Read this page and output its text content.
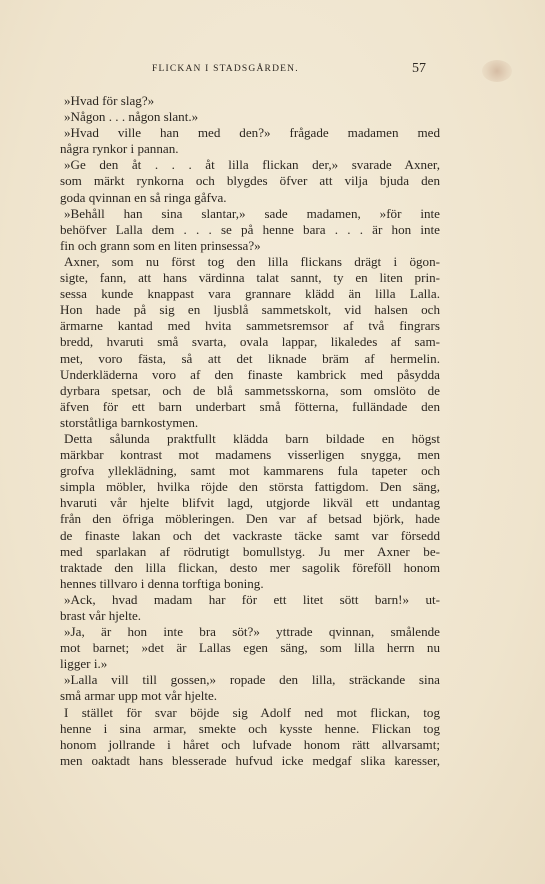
FLICKAN I STADSGÅRDEN.	57
»Hvad för slag?»
»Någon . . . någon slant.»
»Hvad ville han med den?» frågade madamen med
några rynkor i pannan.
»Ge den åt . . . åt lilla flickan der,» svarade Axner,
som märkt rynkorna och blygdes öfver att vilja bjuda den
goda qvinnan en så ringa gåfva.
»Behåll han sina slantar,» sade madamen, »för inte
behöfver Lalla dem . . . se på henne bara . . . är hon inte
fin och grann som en liten prinsessa?»
Axner, som nu först tog den lilla flickans drägt i ögon-
sigte, fann, att hans värdinna talat sannt, ty en liten prin-
sessa kunde knappast vara grannare klädd än lilla Lalla.
Hon hade på sig en ljusblå sammetskolt, vid halsen och
ärmarne kantad med hvita sammetsremsor af två fingrars
bredd, hvaruti små svarta, ovala lappar, likaledes af sam-
met, voro fästa, så att det liknade bräm af hermelin.
Underkläderna voro af den finaste kambrick med påsydda
dyrbara spetsar, och de blå sammetsskorna, som omslöto de
äfven för ett barn underbart små fötterna, fulländade den
storståtliga barnkostymen.
Detta sålunda praktfullt klädda barn bildade en högst
märkbar kontrast mot madamens visserligen snygga, men
grofva ylleklädning, samt mot kammarens fula tapeter och
simpla möbler, hvilka röjde den största fattigdom. Den säng,
hvaruti vår hjelte blifvit lagd, utgjorde likväl ett undantag
från den öfriga möbleringen. Den var af betsad björk, hade
de finaste lakan och det vackraste täcke samt var försedd
med sparlakan af rödrutigt bomullstyg. Ju mer Axner be-
traktade den lilla flickan, desto mer sagolik föreföll honom
hennes tillvaro i denna torftiga boning.
»Ack, hvad madam har för ett litet sött barn!» ut-
brast vår hjelte.
»Ja, är hon inte bra söt?» yttrade qvinnan, smålende
mot barnet; »det är Lallas egen säng, som lilla herrn nu
ligger i.»
»Lalla vill till gossen,» ropade den lilla, sträckande sina
små armar upp mot vår hjelte.
I stället för svar böjde sig Adolf ned mot flickan, tog
henne i sina armar, smekte och kysste henne. Flickan tog
honom jollrande i håret och lufvade honom rätt allvarsamt;
men oaktadt hans blesserade hufvud icke medgaf slika karesser,
